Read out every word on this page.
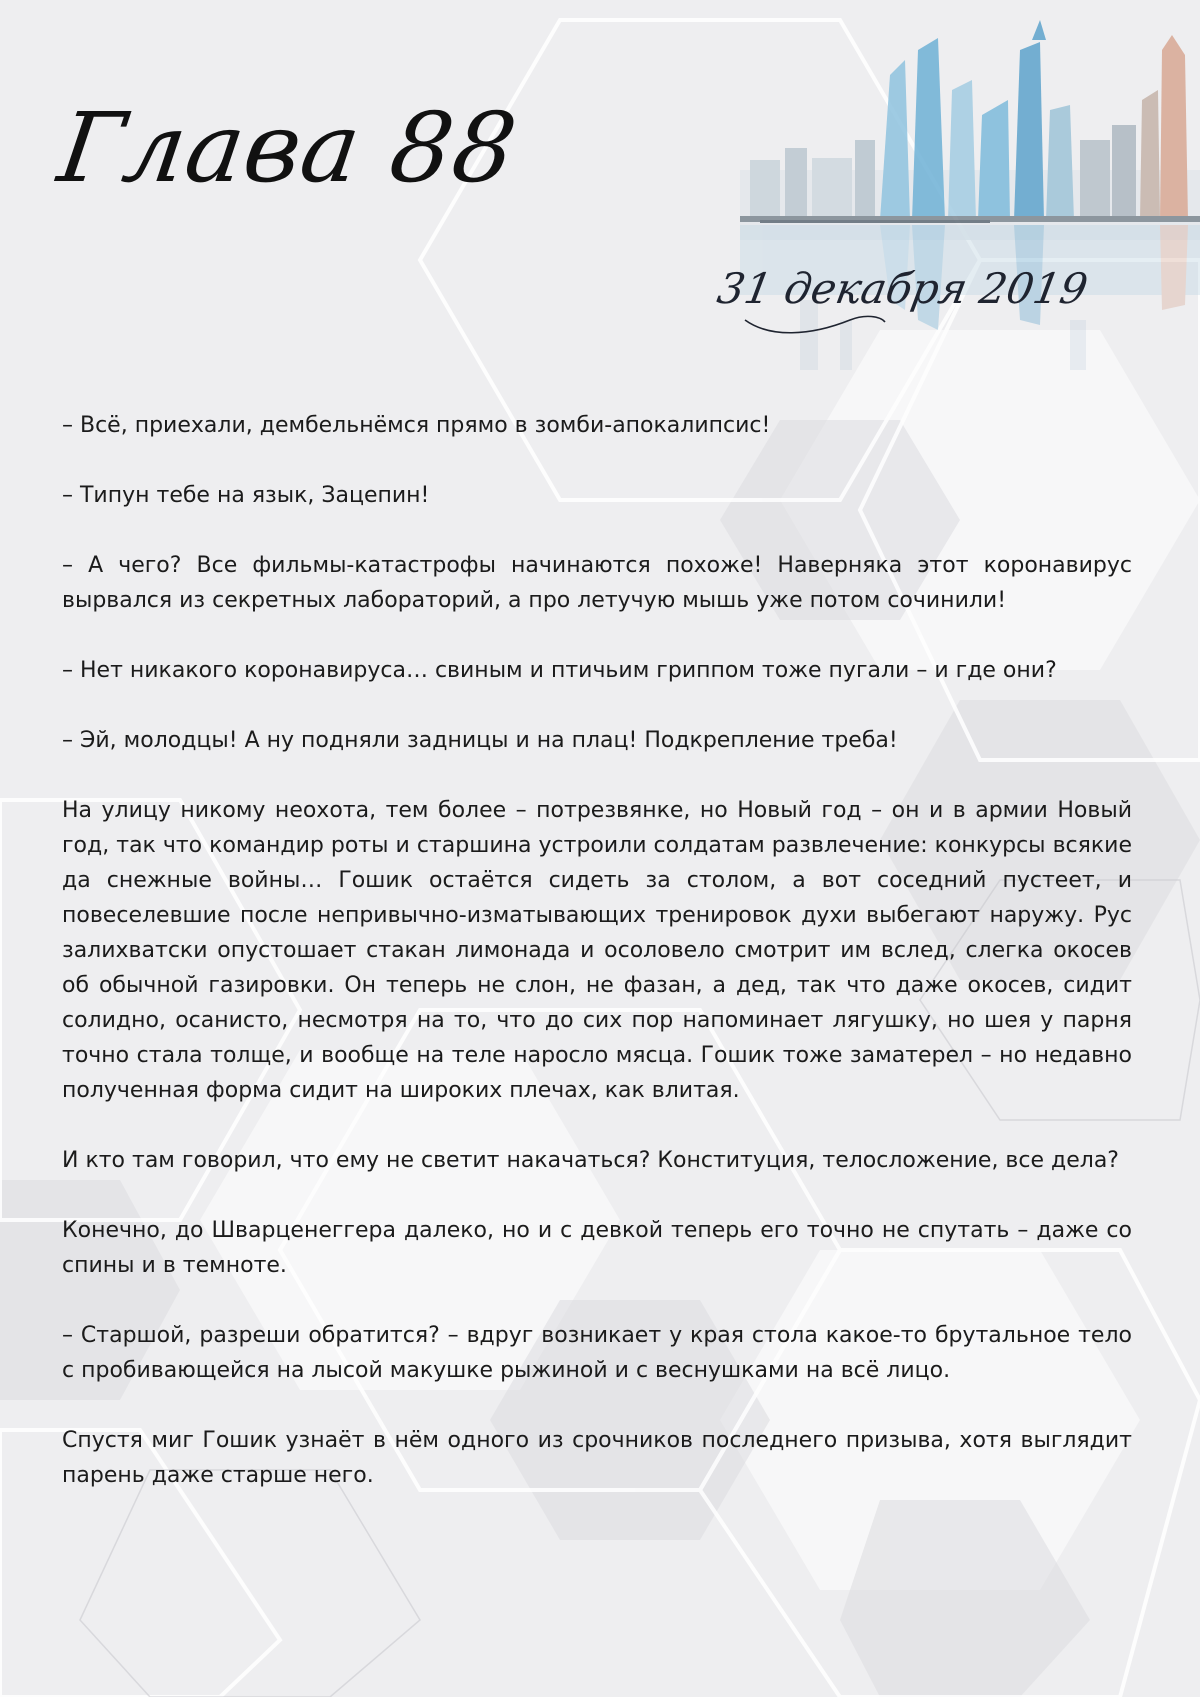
Глава 88
31 декабря 2019

– Всё, приехали, дембельнёмся прямо в зомби-апокалипсис!

– Типун тебе на язык, Зацепин!

– А чего? Все фильмы-катастрофы начинаются похоже! Наверняка этот коронавирус вырвался из секретных лабораторий, а про летучую мышь уже потом сочинили!

– Нет никакого коронавируса… свиным и птичьим гриппом тоже пугали – и где они?

– Эй, молодцы! А ну подняли задницы и на плац! Подкрепление треба!

На улицу никому неохота, тем более – потрезвянке, но Новый год – он и в армии Новый год, так что командир роты и старшина устроили солдатам развлечение: конкурсы всякие да снежные войны… Гошик остаётся сидеть за столом, а вот соседний пустеет, и повеселевшие после непривычно-изматывающих тренировок духи выбегают наружу. Рус залихватски опустошает стакан лимонада и осоловело смотрит им вслед, слегка окосев об обычной газировки. Он теперь не слон, не фазан, а дед, так что даже окосев, сидит солидно, осанисто, несмотря на то, что до сих пор напоминает лягушку, но шея у парня точно стала толще, и вообще на теле наросло мясца. Гошик тоже заматерел – но недавно полученная форма сидит на широких плечах, как влитая.

И кто там говорил, что ему не светит накачаться? Конституция, телосложение, все дела?

Конечно, до Шварценеггера далеко, но и с девкой теперь его точно не спутать – даже со спины и в темноте.

– Старшой, разреши обратится? – вдруг возникает у края стола какое-то брутальное тело с пробивающейся на лысой макушке рыжиной и с веснушками на всё лицо.

Спустя миг Гошик узнаёт в нём одного из срочников последнего призыва, хотя выглядит парень даже старше него.
